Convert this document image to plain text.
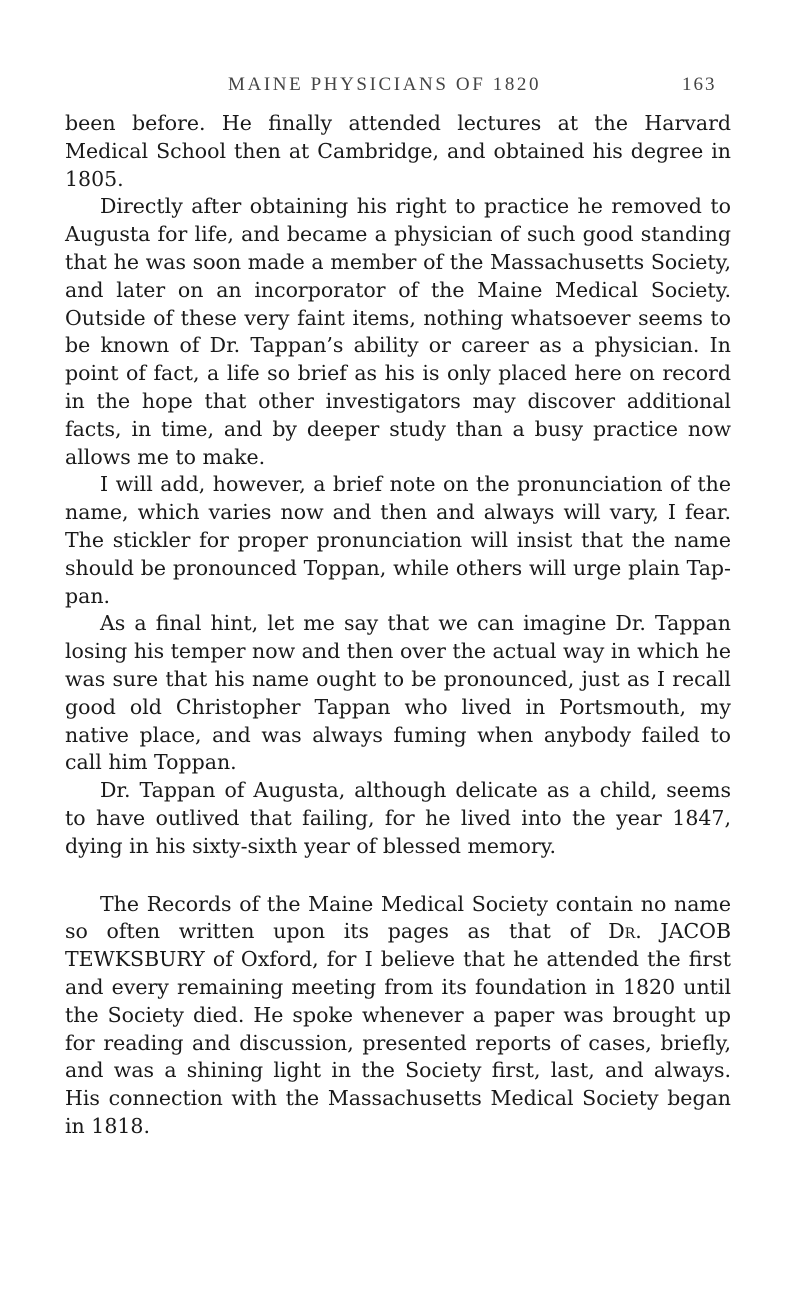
MAINE PHYSICIANS OF 1820	163

been before. He finally attended lectures at the Harvard Medical School then at Cambridge, and obtained his degree in 1805.

Directly after obtaining his right to practice he removed to Augusta for life, and became a physician of such good standing that he was soon made a member of the Massachusetts Society, and later on an incorporator of the Maine Medical Society. Outside of these very faint items, nothing whatsoever seems to be known of Dr. Tappan’s ability or career as a physician. In point of fact, a life so brief as his is only placed here on record in the hope that other investigators may discover additional facts, in time, and by deeper study than a busy practice now allows me to make.

I will add, however, a brief note on the pronunciation of the name, which varies now and then and always will vary, I fear. The stickler for proper pronunciation will insist that the name should be pronounced Toppan, while others will urge plain Tap-pan.

As a final hint, let me say that we can imagine Dr. Tappan losing his temper now and then over the actual way in which he was sure that his name ought to be pronounced, just as I recall good old Christopher Tappan who lived in Portsmouth, my native place, and was always fuming when anybody failed to call him Toppan.

Dr. Tappan of Augusta, although delicate as a child, seems to have outlived that failing, for he lived into the year 1847, dying in his sixty-sixth year of blessed memory.

The Records of the Maine Medical Society contain no name so often written upon its pages as that of Dr. JACOB TEWKSBURY of Oxford, for I believe that he attended the first and every remaining meeting from its foundation in 1820 until the Society died. He spoke whenever a paper was brought up for reading and discussion, presented reports of cases, briefly, and was a shining light in the Society first, last, and always. His connection with the Massachusetts Medical Society began in 1818.
